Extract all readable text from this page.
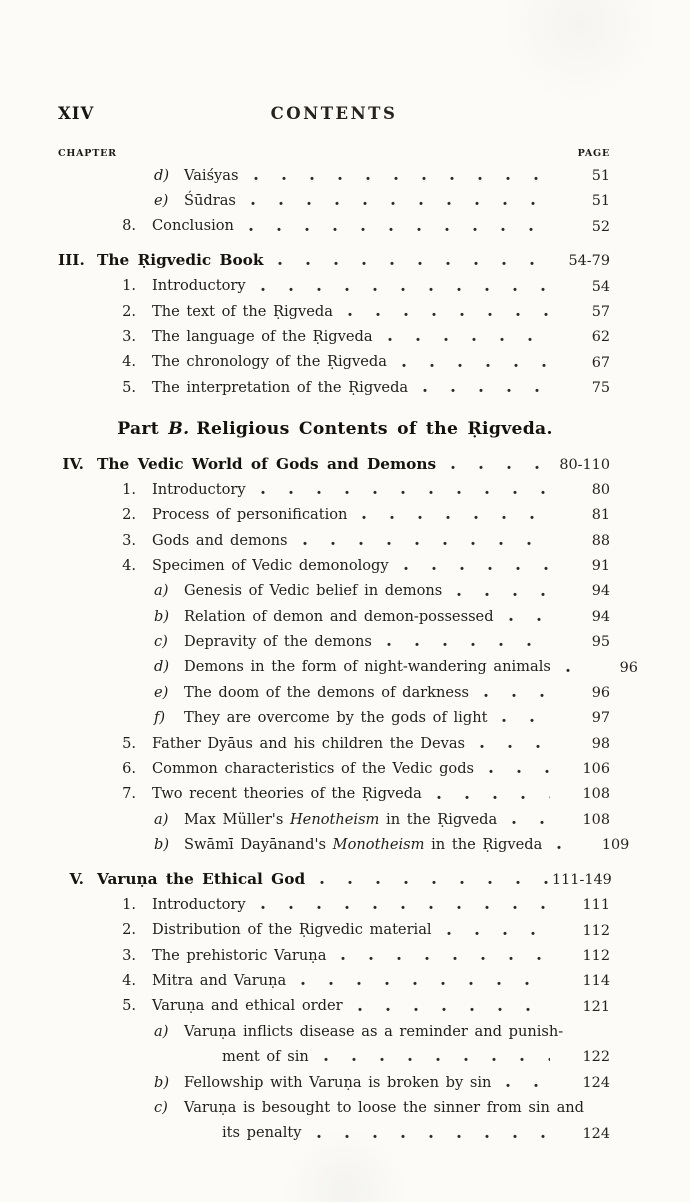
XIV	CONTENTS
CHAPTER	PAGE
d) Vaiśyas	51
e) Śūdras	51
8. Conclusion	52
III. The Ṛigvedic Book	54-79
1. Introductory	54
2. The text of the Ṛigveda	57
3. The language of the Ṛigveda	62
4. The chronology of the Ṛigveda	67
5. The interpretation of the Ṛigveda	75
Part B. Religious Contents of the Ṛigveda.
IV. The Vedic World of Gods and Demons	80-110
1. Introductory	80
2. Process of personification	81
3. Gods and demons	88
4. Specimen of Vedic demonology	91
a) Genesis of Vedic belief in demons	94
b) Relation of demon and demon-possessed	94
c) Depravity of the demons	95
d) Demons in the form of night-wandering animals	96
e) The doom of the demons of darkness	96
f)	They are overcome by the gods of light	97
5. Father Dyāus and his children the Devas	98
6. Common characteristics of the Vedic gods	106
7. Two recent theories of the Ṛigveda	108
a) Max Müller's Henotheism in the Ṛigveda	108
b) Swāmī Dayānand's Monotheism in the Ṛigveda	109
V. Varuṇa the Ethical God	111-149
1. Introductory	111
2. Distribution of the Ṛigvedic material	112
3. The prehistoric Varuṇa	112
4. Mitra and Varuṇa	114
5. Varuṇa and ethical order	121
a) Varuṇa inflicts disease as a reminder and punish-
ment of sin	122
b) Fellowship with Varuṇa is broken by sin	124
c) Varuṇa is besought to loose the sinner from sin and
its penalty	124
